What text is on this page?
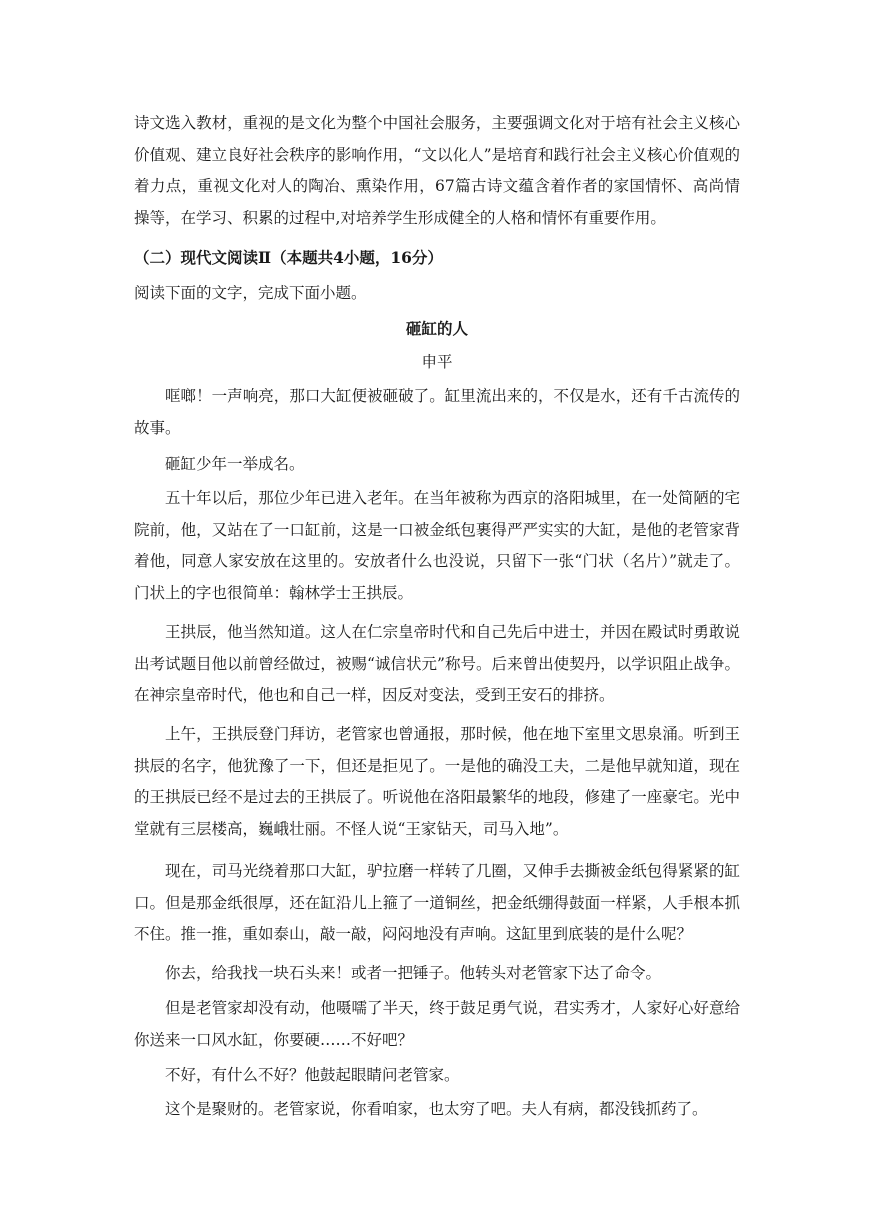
诗文选入教材，重视的是文化为整个中国社会服务，主要强调文化对于培有社会主义核心价值观、建立良好社会秩序的影响作用，“文以化人”是培育和践行社会主义核心价值观的着力点，重视文化对人的陶冶、熏染作用，67篇古诗文蕴含着作者的家国情怀、高尚情操等，在学习、积累的过程中,对培养学生形成健全的人格和情怀有重要作用。

（二）现代文阅读Ⅱ（本题共4小题，16分）

阅读下面的文字，完成下面小题。

砸缸的人

申平

哐啷！一声响亮，那口大缸便被砸破了。缸里流出来的，不仅是水，还有千古流传的故事。

砸缸少年一举成名。

五十年以后，那位少年已进入老年。在当年被称为西京的洛阳城里，在一处简陋的宅院前，他，又站在了一口缸前，这是一口被金纸包裹得严严实实的大缸，是他的老管家背着他，同意人家安放在这里的。安放者什么也没说，只留下一张“门状（名片）”就走了。门状上的字也很简单：翰林学士王拱辰。

王拱辰，他当然知道。这人在仁宗皇帝时代和自己先后中进士，并因在殿试时勇敢说出考试题目他以前曾经做过，被赐“诚信状元”称号。后来曾出使契丹，以学识阻止战争。在神宗皇帝时代，他也和自己一样，因反对变法，受到王安石的排挤。

上午，王拱辰登门拜访，老管家也曾通报，那时候，他在地下室里文思泉涌。听到王拱辰的名字，他犹豫了一下，但还是拒见了。一是他的确没工夫，二是他早就知道，现在的王拱辰已经不是过去的王拱辰了。听说他在洛阳最繁华的地段，修建了一座豪宅。光中堂就有三层楼高，巍峨壮丽。不怪人说“王家钻天，司马入地”。

现在，司马光绕着那口大缸，驴拉磨一样转了几圈，又伸手去撕被金纸包得紧紧的缸口。但是那金纸很厚，还在缸沿儿上箍了一道铜丝，把金纸绷得鼓面一样紧，人手根本抓不住。推一推，重如泰山，敲一敲，闷闷地没有声响。这缸里到底装的是什么呢？

你去，给我找一块石头来！或者一把锤子。他转头对老管家下达了命令。

但是老管家却没有动，他嗫嚅了半天，终于鼓足勇气说，君实秀才，人家好心好意给你送来一口风水缸，你要硬……不好吧？

不好，有什么不好？他鼓起眼睛问老管家。

这个是聚财的。老管家说，你看咱家，也太穷了吧。夫人有病，都没钱抓药了。
